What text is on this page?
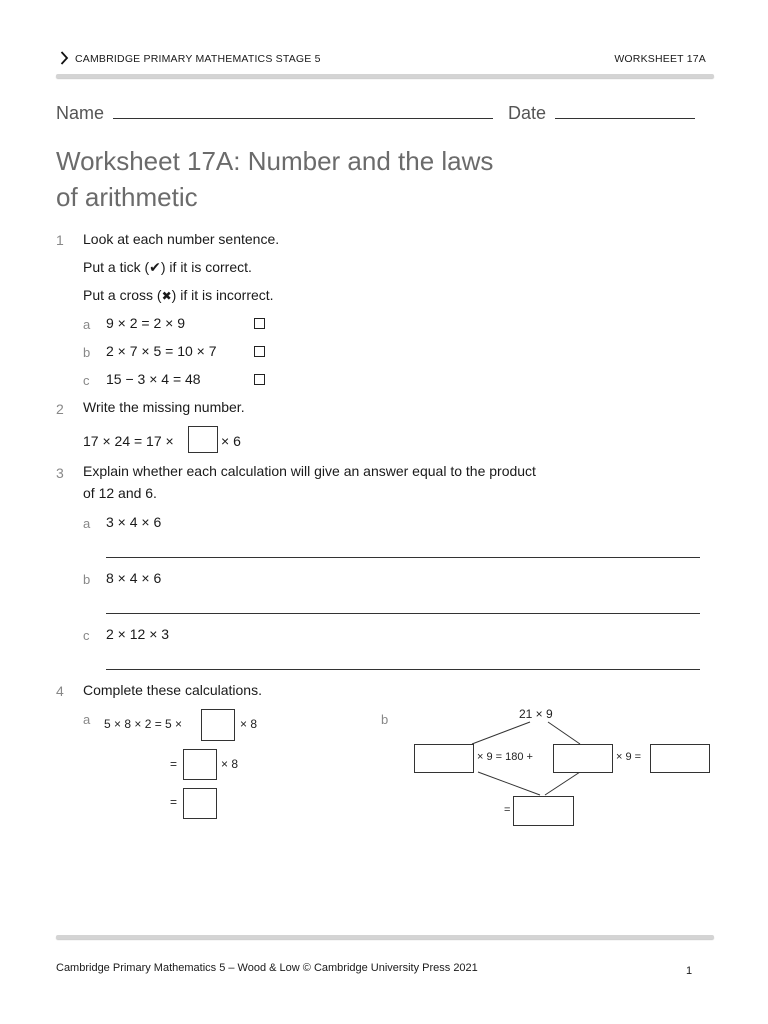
CAMBRIDGE PRIMARY MATHEMATICS STAGE 5	WORKSHEET 17A
Name	Date
Worksheet 17A: Number and the laws
of arithmetic
1 Look at each number sentence.
Put a tick (✔) if it is correct.
Put a cross (✖) if it is incorrect.
a 9 × 2 = 2 × 9
b 2 × 7 × 5 = 10 × 7
c 15 − 3 × 4 = 48
2 Write the missing number.
17 × 24 = 17 ×	× 6
3 Explain whether each calculation will give an answer equal to the product
of 12 and 6.
a 3 × 4 × 6
b 8 × 4 × 6
c 2 × 12 × 3
4 Complete these calculations.
a 5 × 8 × 2 = 5 ×	× 8
=	× 8
=
b	21 × 9
× 9 = 180 +	× 9 =
=
Cambridge Primary Mathematics 5 – Wood & Low © Cambridge University Press 2021	1
